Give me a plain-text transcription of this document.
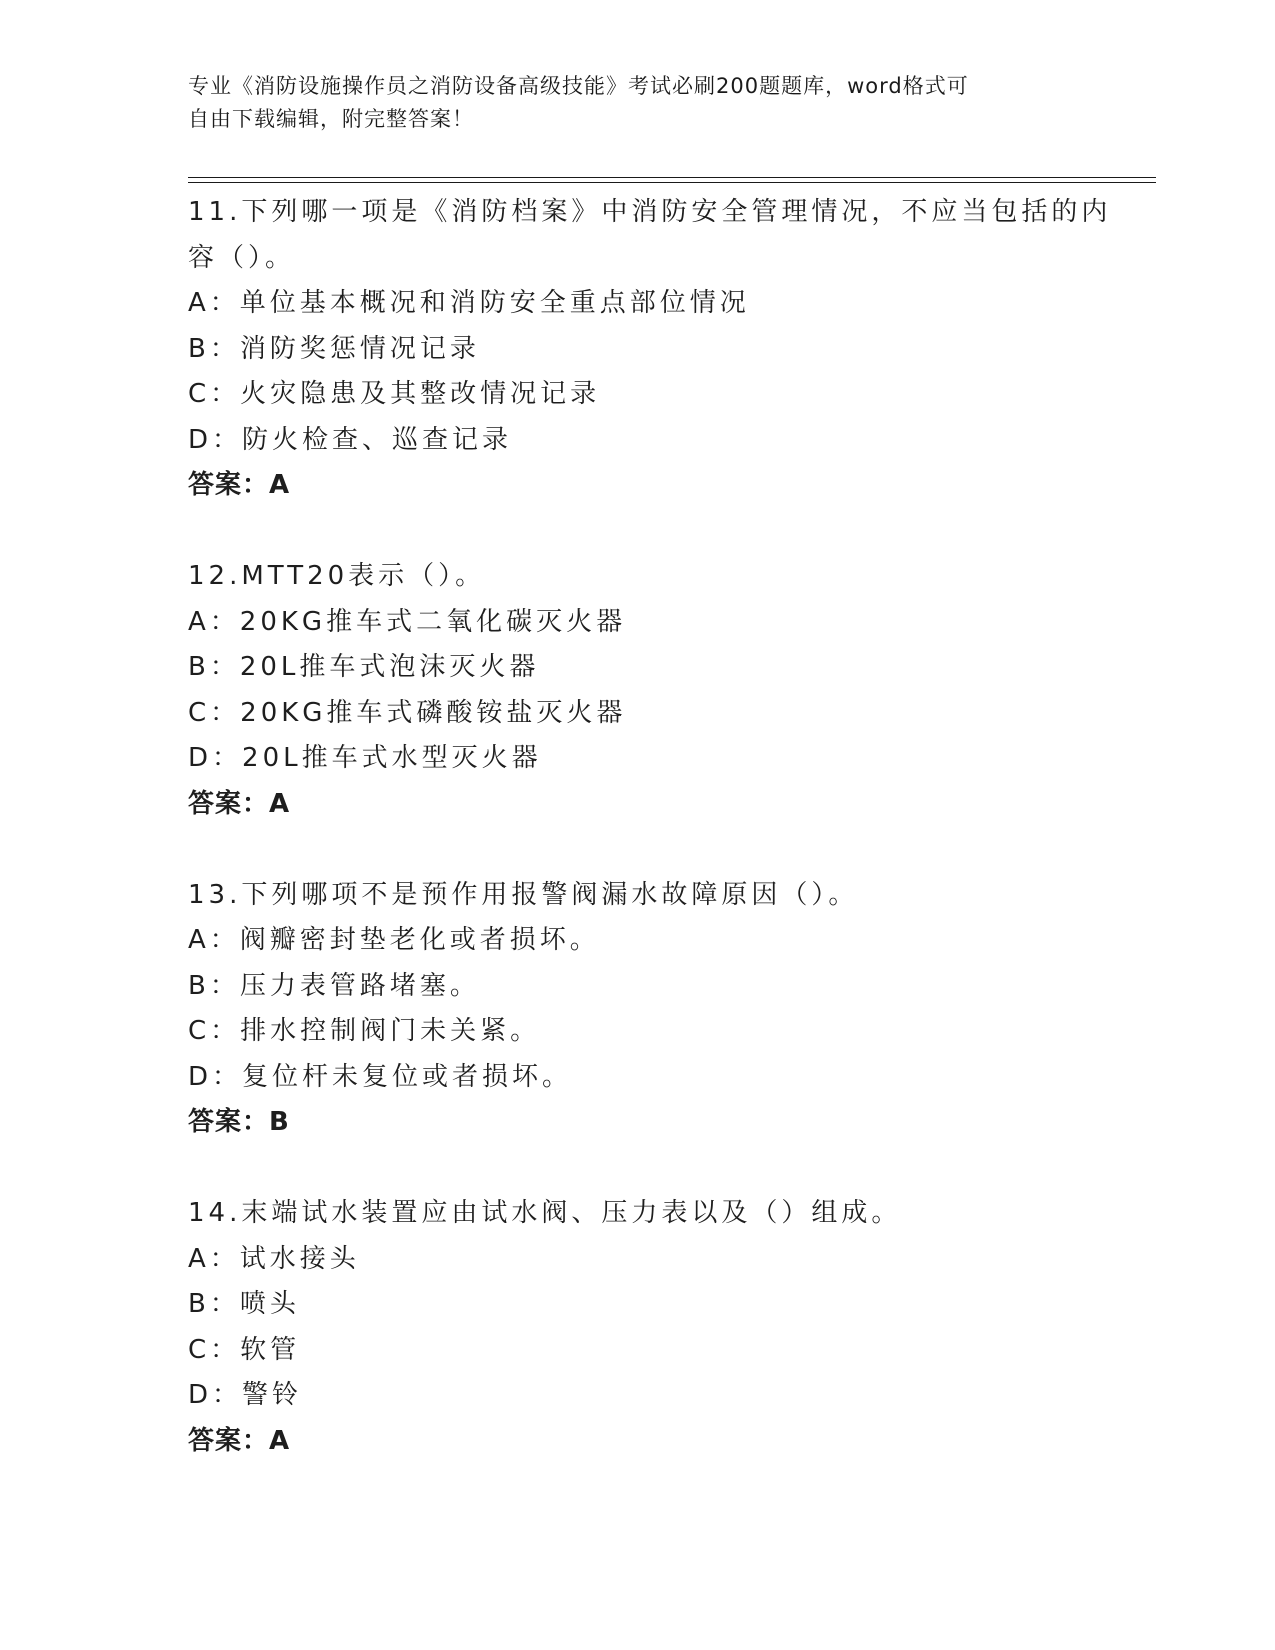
专业《消防设施操作员之消防设备高级技能》考试必刷200题题库，word格式可
自由下载编辑，附完整答案！
11.下列哪一项是《消防档案》中消防安全管理情况，不应当包括的内
容（）。
A：单位基本概况和消防安全重点部位情况
B：消防奖惩情况记录
C：火灾隐患及其整改情况记录
D：防火检查、巡查记录
答案：A
12.MTT20表示（）。
A：20KG推车式二氧化碳灭火器
B：20L推车式泡沫灭火器
C：20KG推车式磷酸铵盐灭火器
D：20L推车式水型灭火器
答案：A
13.下列哪项不是预作用报警阀漏水故障原因（）。
A：阀瓣密封垫老化或者损坏。
B：压力表管路堵塞。
C：排水控制阀门未关紧。
D：复位杆未复位或者损坏。
答案：B
14.末端试水装置应由试水阀、压力表以及（）组成。
A：试水接头
B：喷头
C：软管
D：警铃
答案：A
